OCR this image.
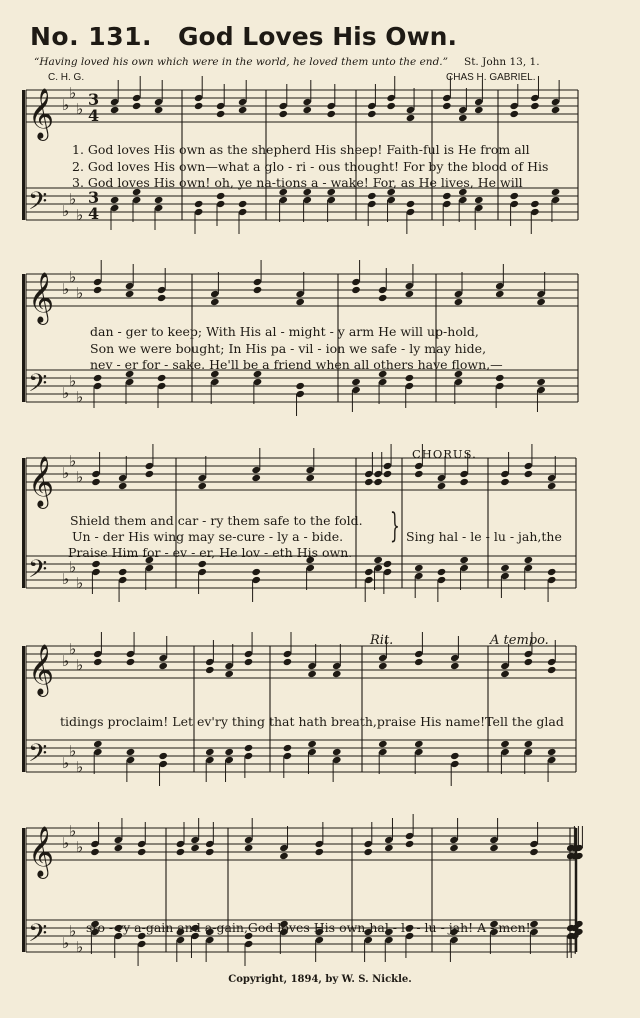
No. 131. God Loves His Own.
“Having loved his own which were in the world, he loved them unto the end.” St. John 13, 1.
C. H. G.	CHAS H. GABRIEL.
𝄞
𝄢
♭
♭
♭
♭
♭
♭
3
4
3
4
𝄞
𝄢
♭
♭
♭
♭
♭
♭
𝄞
𝄢
♭
♭
♭
♭
♭
♭
𝄞
𝄢
♭
♭
♭
♭
♭
♭
𝄞
𝄢
♭
♭
♭
♭
♭
♭
1. God loves His own as the shepherd His sheep! Faith-ful is He from all
2. God loves His own—what a glo - ri - ous thought! For by the blood of His
3. God loves His own! oh, ye na-tions a - wake! For, as He lives, He will
dan - ger to keep; With His al - might - y arm He will up-hold,
Son we were bought; In His pa - vil - ion we safe - ly may hide,
nev - er for - sake. He'll be a friend when all others have flown,—
CHORUS.
Shield them and car - ry them safe to the fold.
Un - der His wing may se-cure - ly a - bide.
Praise Him for - ev - er, He lov - eth His own.
} Sing hal - le - lu - jah,the
Rit.	A tempo.
tidings proclaim! Let ev'ry thing that hath breath,praise His name!Tell the glad
sto - ry a-gain and a-gain,God loves His own,hal - le - lu - jah! A - men!
Copyright, 1894, by W. S. Nickle.
